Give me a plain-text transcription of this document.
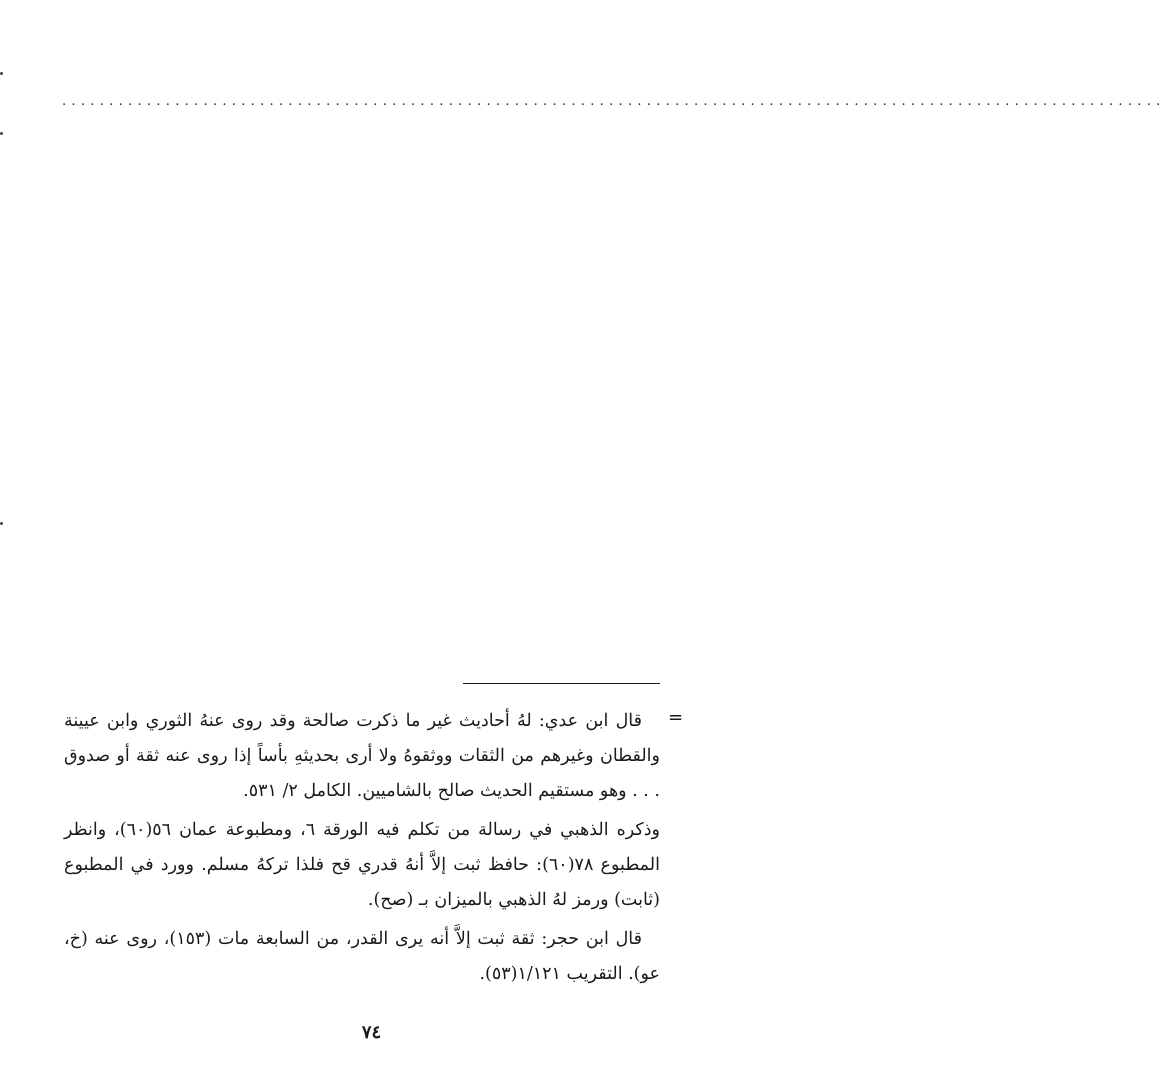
.....................................................................................................................
=

قال ابن عدي: لهُ أحاديث غير ما ذكرت صالحة وقد روى عنهُ الثوري وابن عيينة والقطان وغيرهم من الثقات ووثقوهُ ولا أرى بحديثهِ بأساً إذا روى عنه ثقة أو صدوق . . . وهو مستقيم الحديث صالح بالشاميين. الكامل ٢/ ٥٣١.

وذكره الذهبي في رسالة من تكلم فيه الورقة ٦، ومطبوعة عمان ٥٦(٦٠)، وانظر المطبوع ٧٨(٦٠): حافظ ثبت إلاَّ أنهُ قدري قح فلذا تركهُ مسلم. وورد في المطبوع (ثابت) ورمز لهُ الذهبي بالميزان بـ (صح).

قال ابن حجر: ثقة ثبت إلاَّ أنه يرى القدر، من السابعة مات (١٥٣)، روى عنه (خ، عو). التقريب ١/١٢١(٥٣).

٧٤
